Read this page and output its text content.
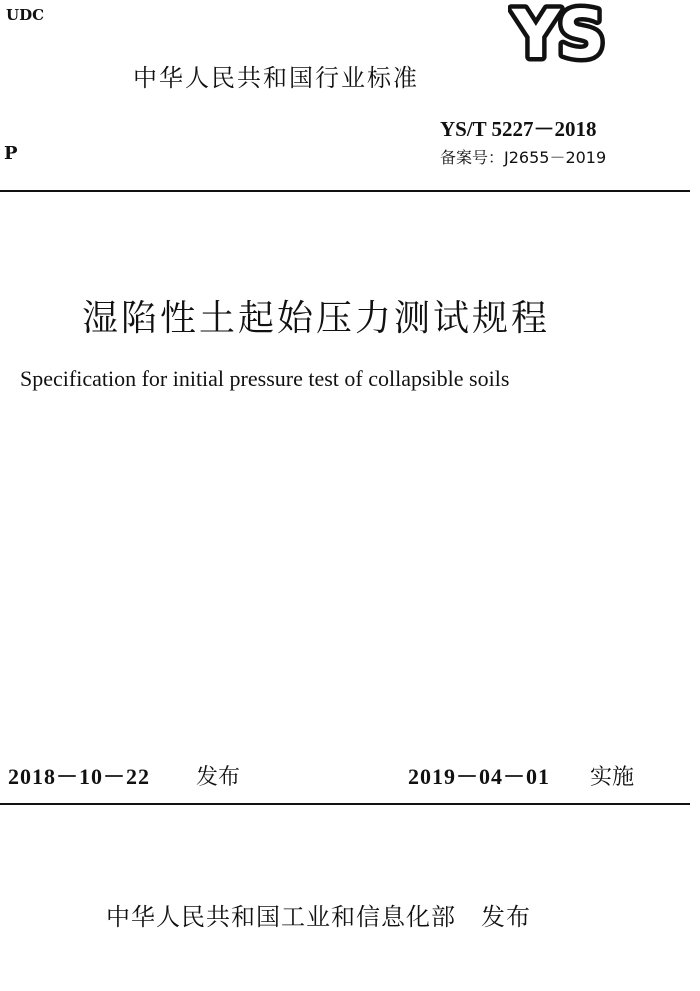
UDC	YS
中华人民共和国行业标准
YS/T 5227－2018
P	备案号：J2655－2019
湿陷性土起始压力测试规程
Specification for initial pressure test of collapsible soils
2018－10－22 发布	2019－04－01 实施
中华人民共和国工业和信息化部　发布
